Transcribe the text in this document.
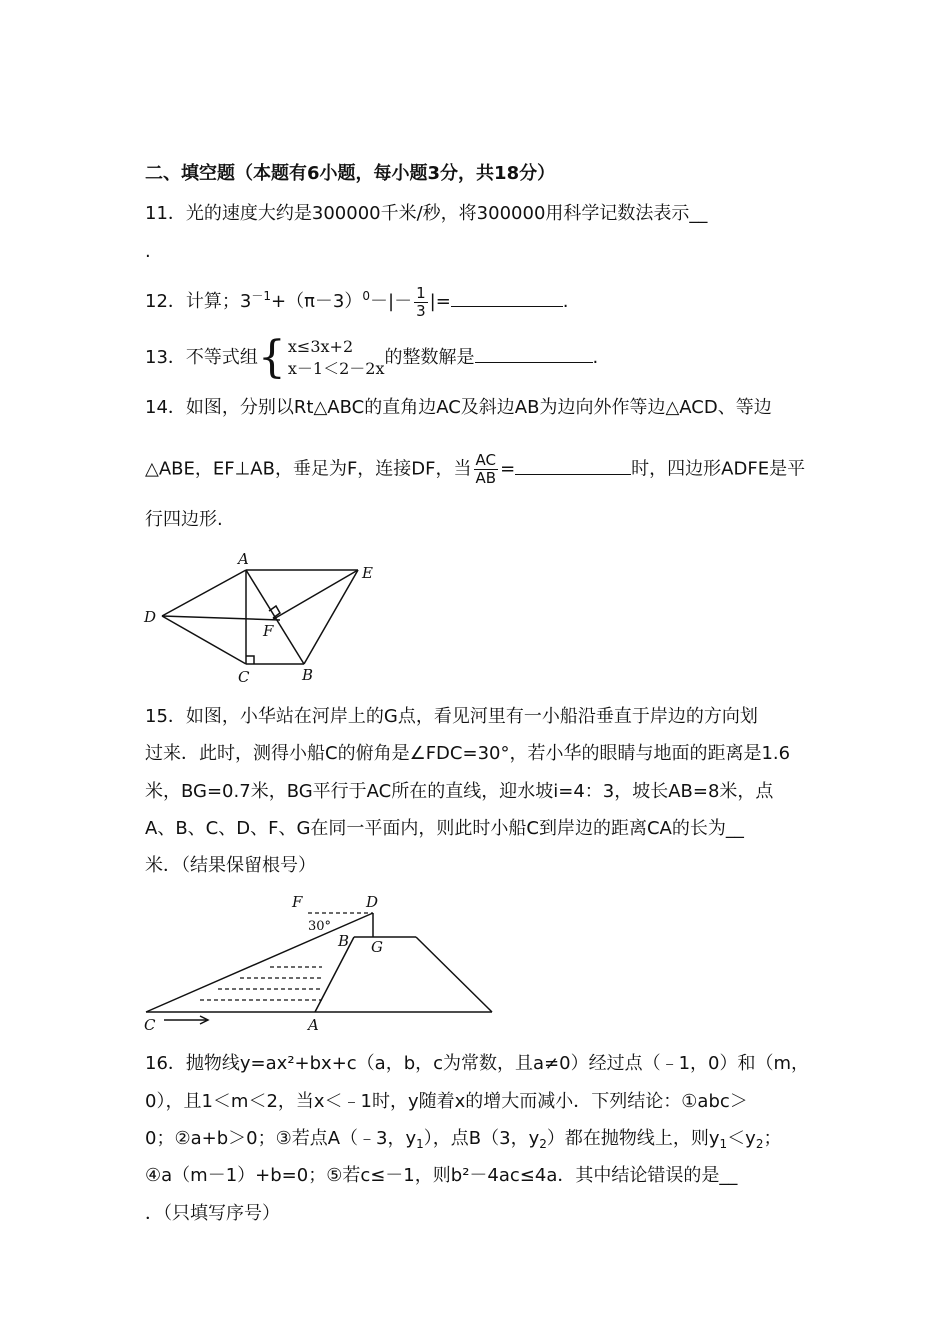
二、填空题（本题有6小题，每小题3分，共18分）
11．光的速度大约是300000千米/秒，将300000用科学记数法表示__
.
12．计算；$3^{-1}+(\pi-3)^0-|- \frac{1}{3}$ |=	.
13．不等式组 { x≤3x+2
x－1＜2－2x
的整数解是	.
14．如图，分别以Rt△ABC的直角边AC及斜边AB为边向外作等边△ACD、等边
△ABE，EF⊥AB，垂足为F，连接DF，当 $\frac{AC}{AB}$ =	时，四边形ADFE是平
行四边形.
A
E
D
F
C	B
15．如图，小华站在河岸上的G点，看见河里有一小船沿垂直于岸边的方向划
过来．此时，测得小船C的俯角是∠FDC=30°，若小华的眼睛与地面的距离是1.6
米，BG=0.7米，BG平行于AC所在的直线，迎水坡i=4：3，坡长AB=8米，点
A、B、C、D、F、G在同一平面内，则此时小船C到岸边的距离CA的长为__
米．（结果保留根号）
F	D
30°
B G
C	A
16．抛物线y=ax²+bx+c（a，b，c为常数，且a≠0）经过点（﹣1，0）和（m，
0），且1＜m＜2，当x＜﹣1时，y随着x的增大而减小．下列结论：①abc＞
0；②a+b＞0；③若点A（﹣3，$y_1$），点B（3，$y_2$）都在抛物线上，则$y_1<y_2$；
④a（m－1）+b=0；⑤若c≤－1，则b²－4ac≤4a．其中结论错误的是__
．（只填写序号）
